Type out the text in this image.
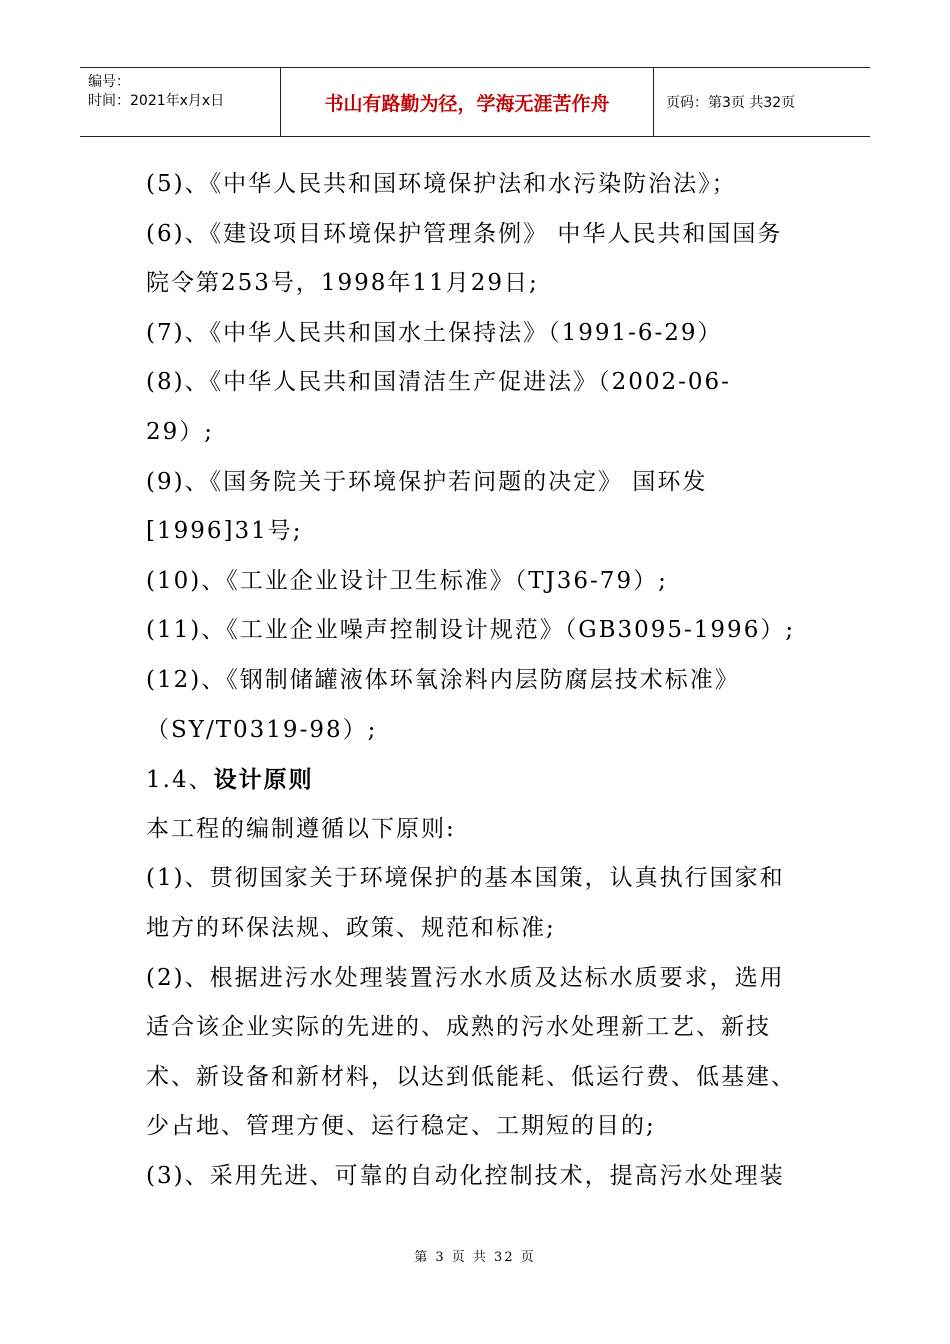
编号：
时间：2021年x月x日	书山有路勤为径，学海无涯苦作舟	页码：第3页 共32页
(5)、《中华人民共和国环境保护法和水污染防治法》；
(6)、《建设项目环境保护管理条例》 中华人民共和国国务
院令第253号，1998年11月29日;
(7)、《中华人民共和国水土保持法》（1991-6-29）
(8)、《中华人民共和国清洁生产促进法》（2002-06-
29）;
(9)、《国务院关于环境保护若问题的决定》 国环发
[1996]31号;
(10)、《工业企业设计卫生标准》（TJ36-79）;
(11)、《工业企业噪声控制设计规范》（GB3095-1996）;
(12)、《钢制储罐液体环氧涂料内层防腐层技术标准》
（SY/T0319-98）;
1.4、设计原则
本工程的编制遵循以下原则:
(1)、贯彻国家关于环境保护的基本国策，认真执行国家和
地方的环保法规、政策、规范和标准;
(2)、根据进污水处理装置污水水质及达标水质要求，选用
适合该企业实际的先进的、成熟的污水处理新工艺、新技
术、新设备和新材料，以达到低能耗、低运行费、低基建、
少占地、管理方便、运行稳定、工期短的目的;
(3)、采用先进、可靠的自动化控制技术，提高污水处理装
第 3 页 共 32 页
